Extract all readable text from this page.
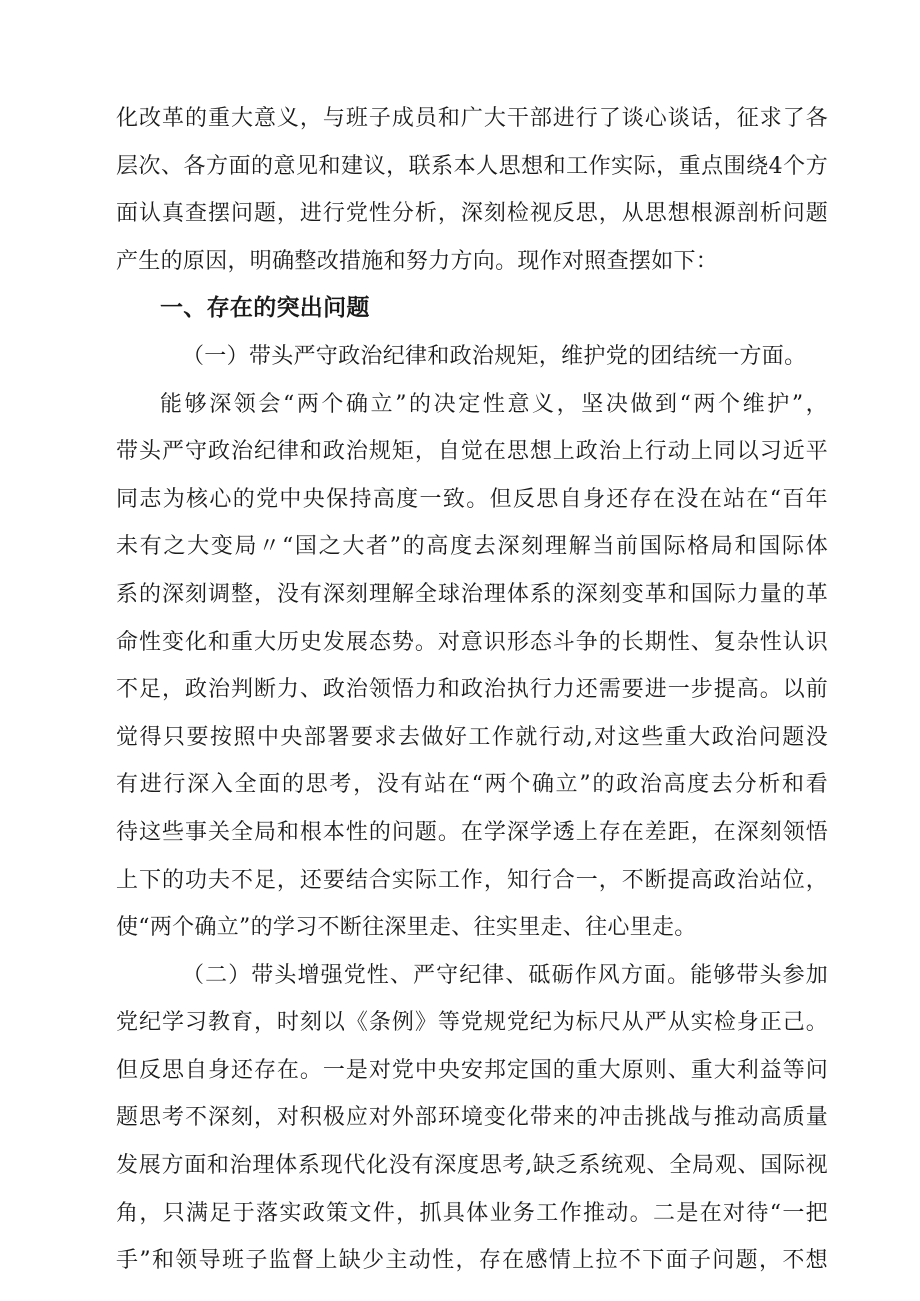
化改革的重大意义，与班子成员和广大干部进行了谈心谈话，征求了各
层次、各方面的意见和建议，联系本人思想和工作实际，重点围绕4个方
面认真查摆问题，进行党性分析，深刻检视反思，从思想根源剖析问题
产生的原因，明确整改措施和努力方向。现作对照查摆如下：
一、存在的突出问题
（一）带头严守政治纪律和政治规矩，维护党的团结统一方面。
能够深领会“两个确立”的决定性意义，坚决做到“两个维护”，
带头严守政治纪律和政治规矩，自觉在思想上政治上行动上同以习近平
同志为核心的党中央保持高度一致。但反思自身还存在没在站在“百年
未有之大变局〃“国之大者”的高度去深刻理解当前国际格局和国际体
系的深刻调整，没有深刻理解全球治理体系的深刻变革和国际力量的革
命性变化和重大历史发展态势。对意识形态斗争的长期性、复杂性认识
不足，政治判断力、政治领悟力和政治执行力还需要进一步提高。以前
觉得只要按照中央部署要求去做好工作就行动,对这些重大政治问题没
有进行深入全面的思考，没有站在“两个确立”的政治高度去分析和看
待这些事关全局和根本性的问题。在学深学透上存在差距，在深刻领悟
上下的功夫不足，还要结合实际工作，知行合一，不断提高政治站位，
使“两个确立”的学习不断往深里走、往实里走、往心里走。
（二）带头增强党性、严守纪律、砥砺作风方面。能够带头参加
党纪学习教育，时刻以《条例》等党规党纪为标尺从严从实检身正己。
但反思自身还存在。一是对党中央安邦定国的重大原则、重大利益等问
题思考不深刻，对积极应对外部环境变化带来的冲击挑战与推动高质量
发展方面和治理体系现代化没有深度思考,缺乏系统观、全局观、国际视
角，只满足于落实政策文件，抓具体业务工作推动。二是在对待“一把
手”和领导班子监督上缺少主动性，存在感情上拉不下面子问题，不想
